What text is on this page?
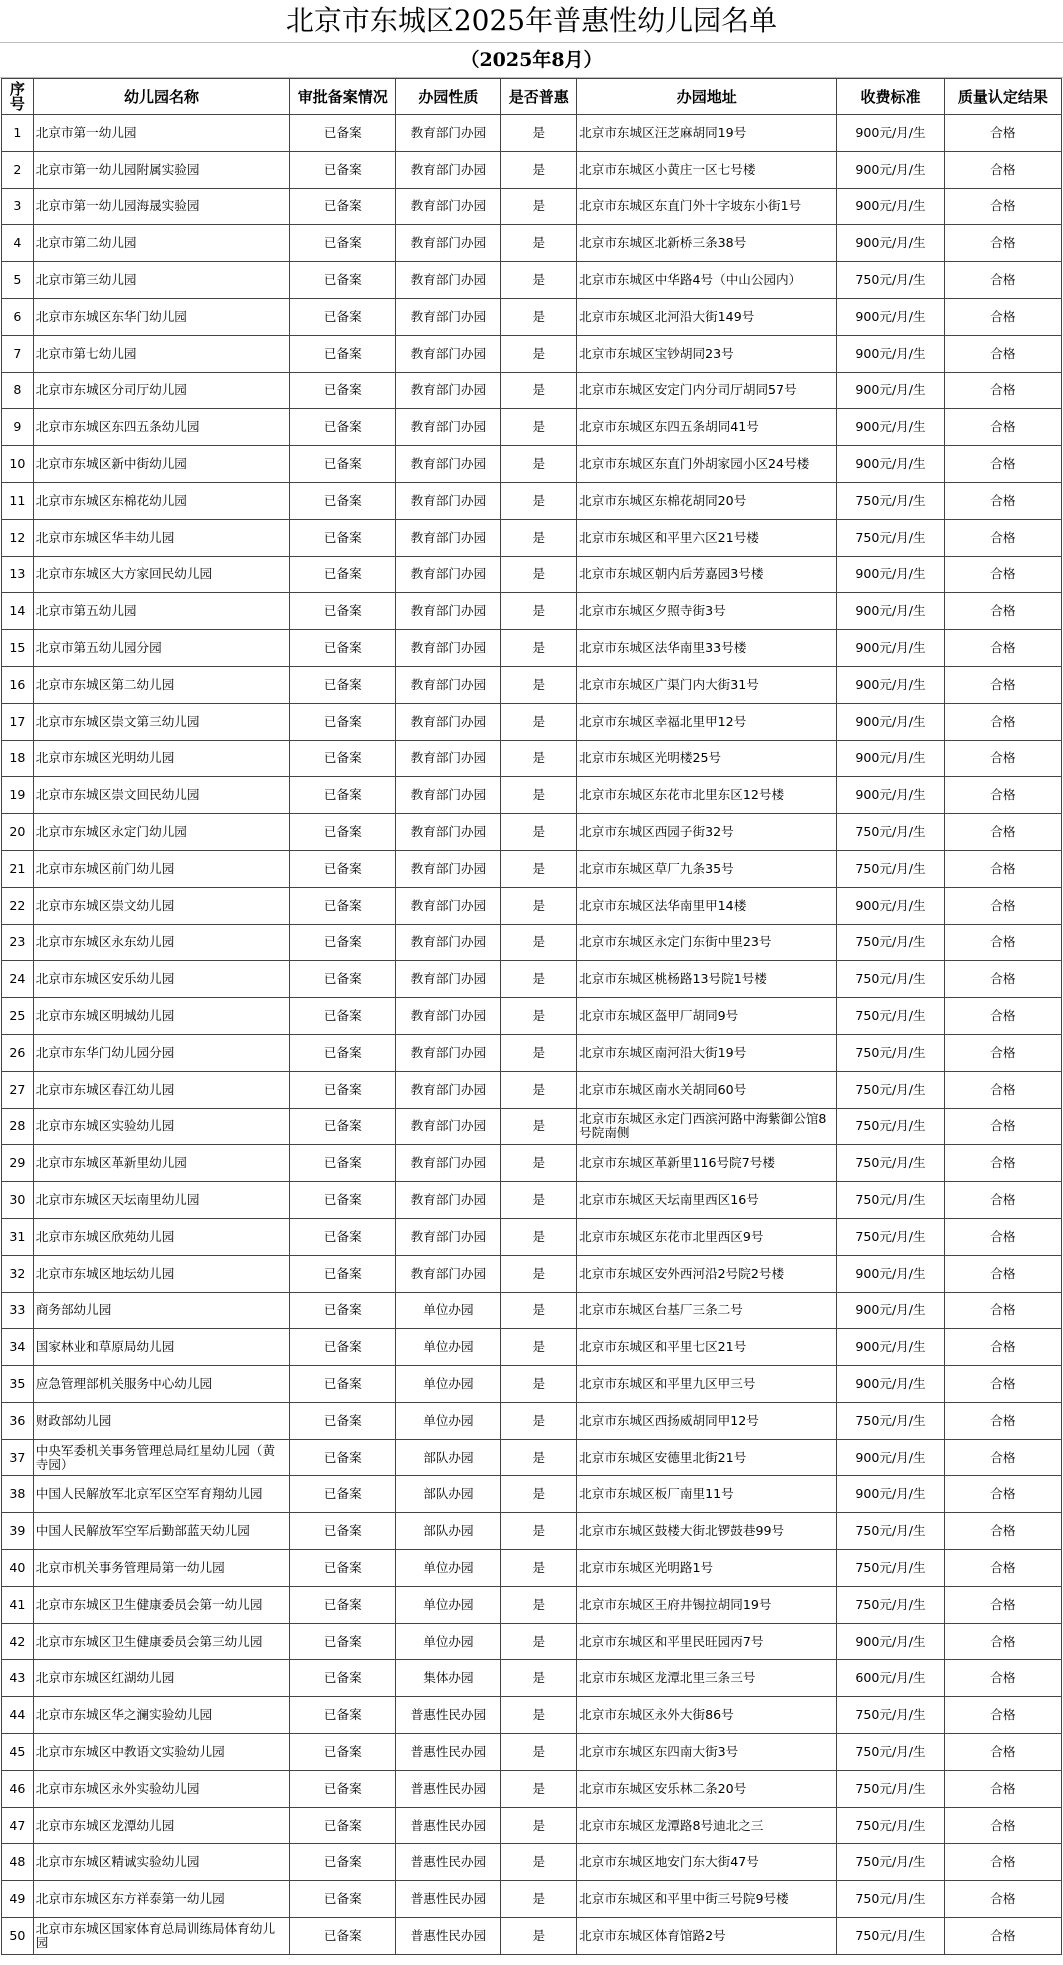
北京市东城区2025年普惠性幼儿园名单
（2025年8月）
序号	幼儿园名称	审批备案情况	办园性质	是否普惠	办园地址	收费标准	质量认定结果
1	北京市第一幼儿园	已备案	教育部门办园	是	北京市东城区汪芝麻胡同19号	900元/月/生	合格
2	北京市第一幼儿园附属实验园	已备案	教育部门办园	是	北京市东城区小黄庄一区七号楼	900元/月/生	合格
3	北京市第一幼儿园海晟实验园	已备案	教育部门办园	是	北京市东城区东直门外十字坡东小街1号	900元/月/生	合格
4	北京市第二幼儿园	已备案	教育部门办园	是	北京市东城区北新桥三条38号	900元/月/生	合格
5	北京市第三幼儿园	已备案	教育部门办园	是	北京市东城区中华路4号（中山公园内）	750元/月/生	合格
6	北京市东城区东华门幼儿园	已备案	教育部门办园	是	北京市东城区北河沿大街149号	900元/月/生	合格
7	北京市第七幼儿园	已备案	教育部门办园	是	北京市东城区宝钞胡同23号	900元/月/生	合格
8	北京市东城区分司厅幼儿园	已备案	教育部门办园	是	北京市东城区安定门内分司厅胡同57号	900元/月/生	合格
9	北京市东城区东四五条幼儿园	已备案	教育部门办园	是	北京市东城区东四五条胡同41号	900元/月/生	合格
10	北京市东城区新中街幼儿园	已备案	教育部门办园	是	北京市东城区东直门外胡家园小区24号楼	900元/月/生	合格
11	北京市东城区东棉花幼儿园	已备案	教育部门办园	是	北京市东城区东棉花胡同20号	750元/月/生	合格
12	北京市东城区华丰幼儿园	已备案	教育部门办园	是	北京市东城区和平里六区21号楼	750元/月/生	合格
13	北京市东城区大方家回民幼儿园	已备案	教育部门办园	是	北京市东城区朝内后芳嘉园3号楼	900元/月/生	合格
14	北京市第五幼儿园	已备案	教育部门办园	是	北京市东城区夕照寺街3号	900元/月/生	合格
15	北京市第五幼儿园分园	已备案	教育部门办园	是	北京市东城区法华南里33号楼	900元/月/生	合格
16	北京市东城区第二幼儿园	已备案	教育部门办园	是	北京市东城区广渠门内大街31号	900元/月/生	合格
17	北京市东城区崇文第三幼儿园	已备案	教育部门办园	是	北京市东城区幸福北里甲12号	900元/月/生	合格
18	北京市东城区光明幼儿园	已备案	教育部门办园	是	北京市东城区光明楼25号	900元/月/生	合格
19	北京市东城区崇文回民幼儿园	已备案	教育部门办园	是	北京市东城区东花市北里东区12号楼	900元/月/生	合格
20	北京市东城区永定门幼儿园	已备案	教育部门办园	是	北京市东城区西园子街32号	750元/月/生	合格
21	北京市东城区前门幼儿园	已备案	教育部门办园	是	北京市东城区草厂九条35号	750元/月/生	合格
22	北京市东城区崇文幼儿园	已备案	教育部门办园	是	北京市东城区法华南里甲14楼	900元/月/生	合格
23	北京市东城区永东幼儿园	已备案	教育部门办园	是	北京市东城区永定门东街中里23号	750元/月/生	合格
24	北京市东城区安乐幼儿园	已备案	教育部门办园	是	北京市东城区桃杨路13号院1号楼	750元/月/生	合格
25	北京市东城区明城幼儿园	已备案	教育部门办园	是	北京市东城区盔甲厂胡同9号	750元/月/生	合格
26	北京市东华门幼儿园分园	已备案	教育部门办园	是	北京市东城区南河沿大街19号	750元/月/生	合格
27	北京市东城区春江幼儿园	已备案	教育部门办园	是	北京市东城区南水关胡同60号	750元/月/生	合格
28	北京市东城区实验幼儿园	已备案	教育部门办园	是	北京市东城区永定门西滨河路中海紫御公馆8号院南侧	750元/月/生	合格
29	北京市东城区革新里幼儿园	已备案	教育部门办园	是	北京市东城区革新里116号院7号楼	750元/月/生	合格
30	北京市东城区天坛南里幼儿园	已备案	教育部门办园	是	北京市东城区天坛南里西区16号	750元/月/生	合格
31	北京市东城区欣苑幼儿园	已备案	教育部门办园	是	北京市东城区东花市北里西区9号	750元/月/生	合格
32	北京市东城区地坛幼儿园	已备案	教育部门办园	是	北京市东城区安外西河沿2号院2号楼	900元/月/生	合格
33	商务部幼儿园	已备案	单位办园	是	北京市东城区台基厂三条二号	900元/月/生	合格
34	国家林业和草原局幼儿园	已备案	单位办园	是	北京市东城区和平里七区21号	900元/月/生	合格
35	应急管理部机关服务中心幼儿园	已备案	单位办园	是	北京市东城区和平里九区甲三号	900元/月/生	合格
36	财政部幼儿园	已备案	单位办园	是	北京市东城区西扬威胡同甲12号	750元/月/生	合格
37	中央军委机关事务管理总局红星幼儿园（黄寺园）	已备案	部队办园	是	北京市东城区安德里北街21号	900元/月/生	合格
38	中国人民解放军北京军区空军育翔幼儿园	已备案	部队办园	是	北京市东城区板厂南里11号	900元/月/生	合格
39	中国人民解放军空军后勤部蓝天幼儿园	已备案	部队办园	是	北京市东城区鼓楼大街北锣鼓巷99号	750元/月/生	合格
40	北京市机关事务管理局第一幼儿园	已备案	单位办园	是	北京市东城区光明路1号	750元/月/生	合格
41	北京市东城区卫生健康委员会第一幼儿园	已备案	单位办园	是	北京市东城区王府井锡拉胡同19号	750元/月/生	合格
42	北京市东城区卫生健康委员会第三幼儿园	已备案	单位办园	是	北京市东城区和平里民旺园丙7号	900元/月/生	合格
43	北京市东城区红湖幼儿园	已备案	集体办园	是	北京市东城区龙潭北里三条三号	600元/月/生	合格
44	北京市东城区华之澜实验幼儿园	已备案	普惠性民办园	是	北京市东城区永外大街86号	750元/月/生	合格
45	北京市东城区中教语文实验幼儿园	已备案	普惠性民办园	是	北京市东城区东四南大街3号	750元/月/生	合格
46	北京市东城区永外实验幼儿园	已备案	普惠性民办园	是	北京市东城区安乐林二条20号	750元/月/生	合格
47	北京市东城区龙潭幼儿园	已备案	普惠性民办园	是	北京市东城区龙潭路8号迪北之三	750元/月/生	合格
48	北京市东城区精诚实验幼儿园	已备案	普惠性民办园	是	北京市东城区地安门东大街47号	750元/月/生	合格
49	北京市东城区东方祥泰第一幼儿园	已备案	普惠性民办园	是	北京市东城区和平里中街三号院9号楼	750元/月/生	合格
50	北京市东城区国家体育总局训练局体育幼儿园	已备案	普惠性民办园	是	北京市东城区体育馆路2号	750元/月/生	合格
